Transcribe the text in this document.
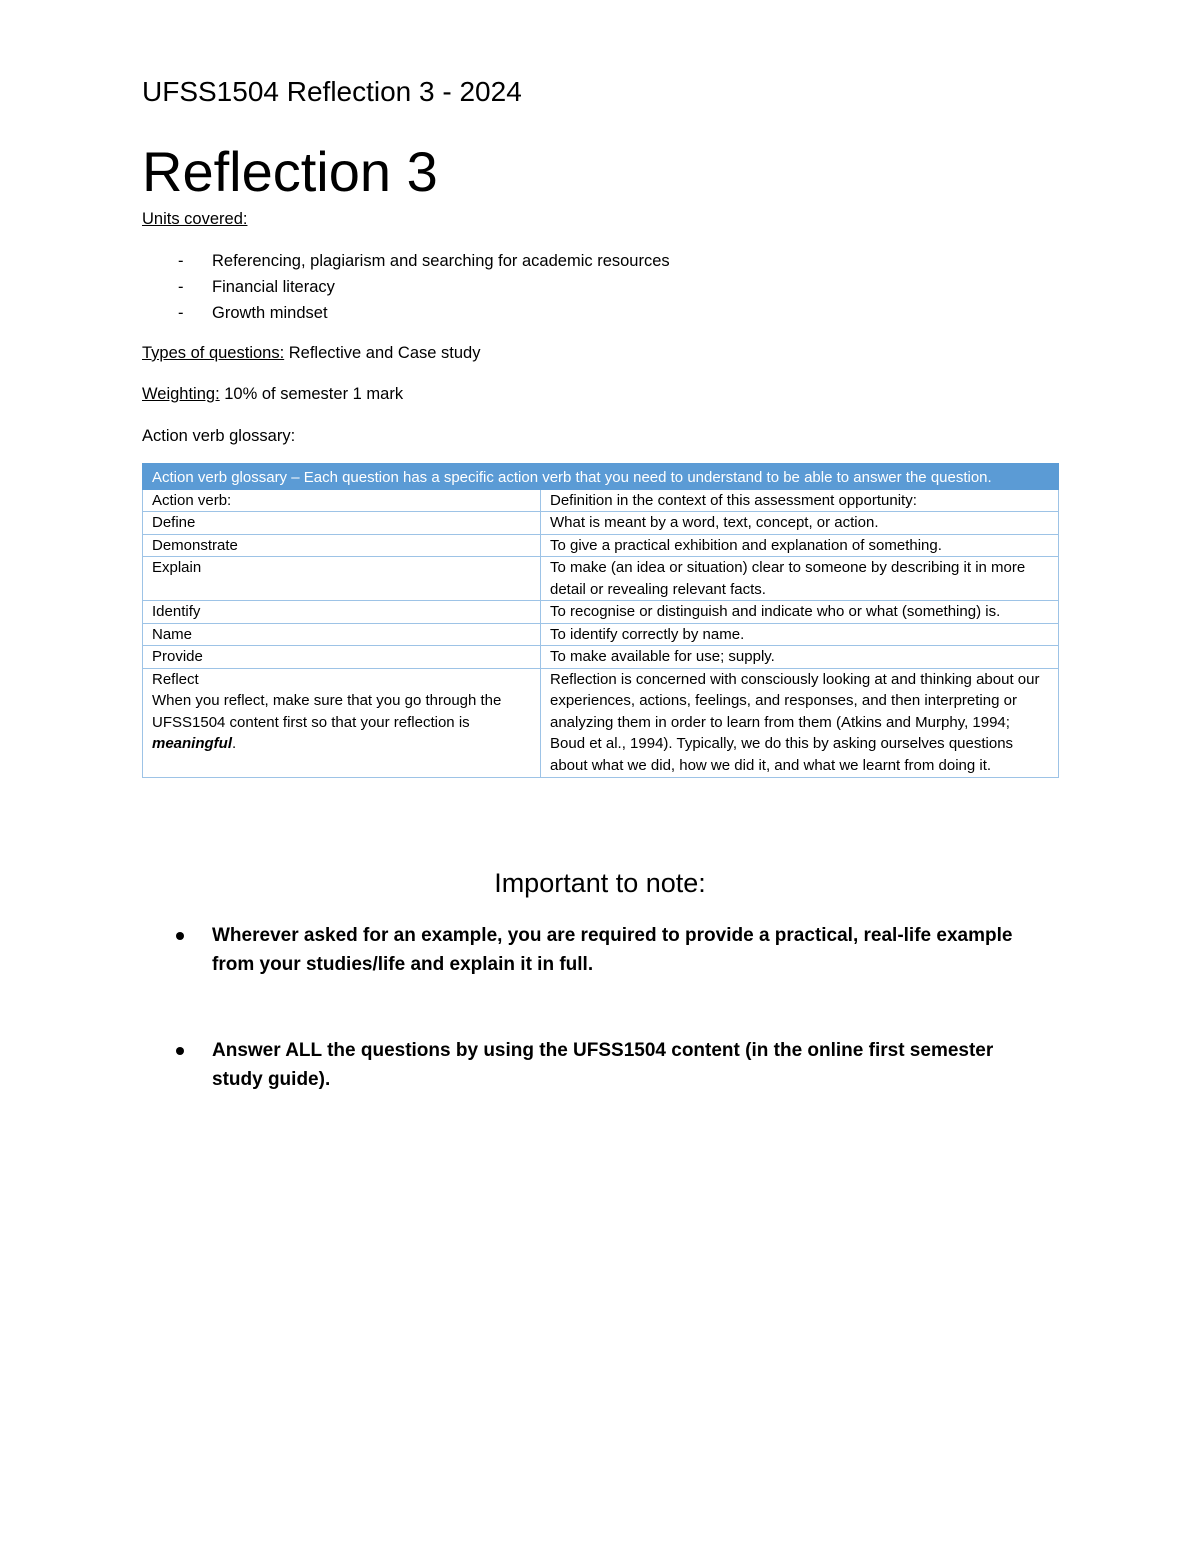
UFSS1504 Reflection 3 - 2024
Reflection 3
Units covered:
- Referencing, plagiarism and searching for academic resources
- Financial literacy
- Growth mindset
Types of questions: Reflective and Case study
Weighting: 10% of semester 1 mark
Action verb glossary:
Action verb glossary – Each question has a specific action verb that you need to understand to be able to answer the question.	
Action verb:	Definition in the context of this assessment opportunity:
Define	What is meant by a word, text, concept, or action.
Demonstrate	To give a practical exhibition and explanation of something.
Explain	To make (an idea or situation) clear to someone by describing it in more detail or revealing relevant facts.
Identify	To recognise or distinguish and indicate who or what (something) is.
Name	To identify correctly by name.
Provide	To make available for use; supply.

Reflect
When you reflect, make sure that you go through the UFSS1504 content first so that your reflection is meaningful.	Reflection is concerned with consciously looking at and thinking about our experiences, actions, feelings, and responses, and then interpreting or analyzing them in order to learn from them (Atkins and Murphy, 1994; Boud et al., 1994). Typically, we do this by asking ourselves questions about what we did, how we did it, and what we learnt from doing it.
Important to note:
Wherever asked for an example, you are required to provide a practical, real-life example from your studies/life and explain it in full.
Answer ALL the questions by using the UFSS1504 content (in the online first semester study guide).
